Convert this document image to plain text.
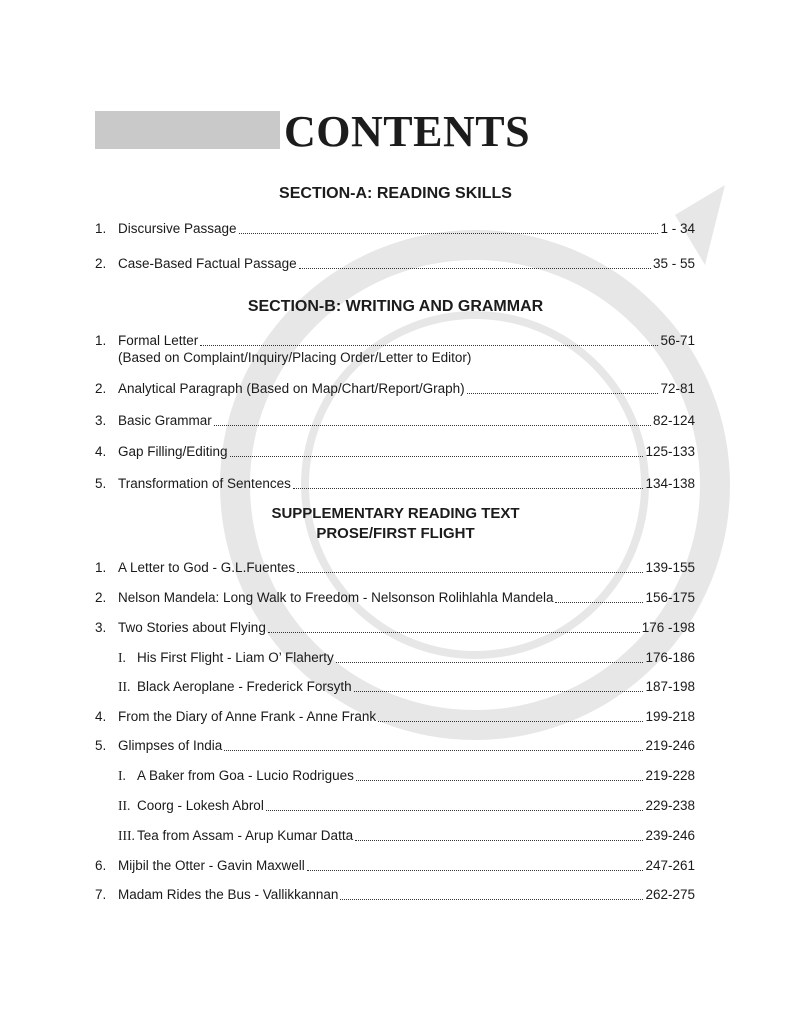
CONTENTS
SECTION-A: READING SKILLS
1. Discursive Passage	1 - 34
2. Case-Based Factual Passage	35 - 55
SECTION-B: WRITING AND GRAMMAR
1. Formal Letter	56-71
(Based on Complaint/Inquiry/Placing Order/Letter to Editor)
2. Analytical Paragraph (Based on Map/Chart/Report/Graph)	72-81
3. Basic Grammar	82-124
4. Gap Filling/Editing	125-133
5. Transformation of Sentences	134-138
SUPPLEMENTARY READING TEXT
PROSE/FIRST FLIGHT
1. A Letter to God - G.L.Fuentes	139-155
2. Nelson Mandela: Long Walk to Freedom - Nelsonson Rolihlahla Mandela	156-175
3. Two Stories about Flying	176 -198
I. His First Flight - Liam O’ Flaherty	176-186
II. Black Aeroplane - Frederick Forsyth	187-198
4. From the Diary of Anne Frank - Anne Frank	199-218
5. Glimpses of India	219-246
I. A Baker from Goa - Lucio Rodrigues	219-228
II. Coorg - Lokesh Abrol	229-238
III. Tea from Assam - Arup Kumar Datta	239-246
6. Mijbil the Otter - Gavin Maxwell	247-261
7. Madam Rides the Bus - Vallikkannan	262-275
